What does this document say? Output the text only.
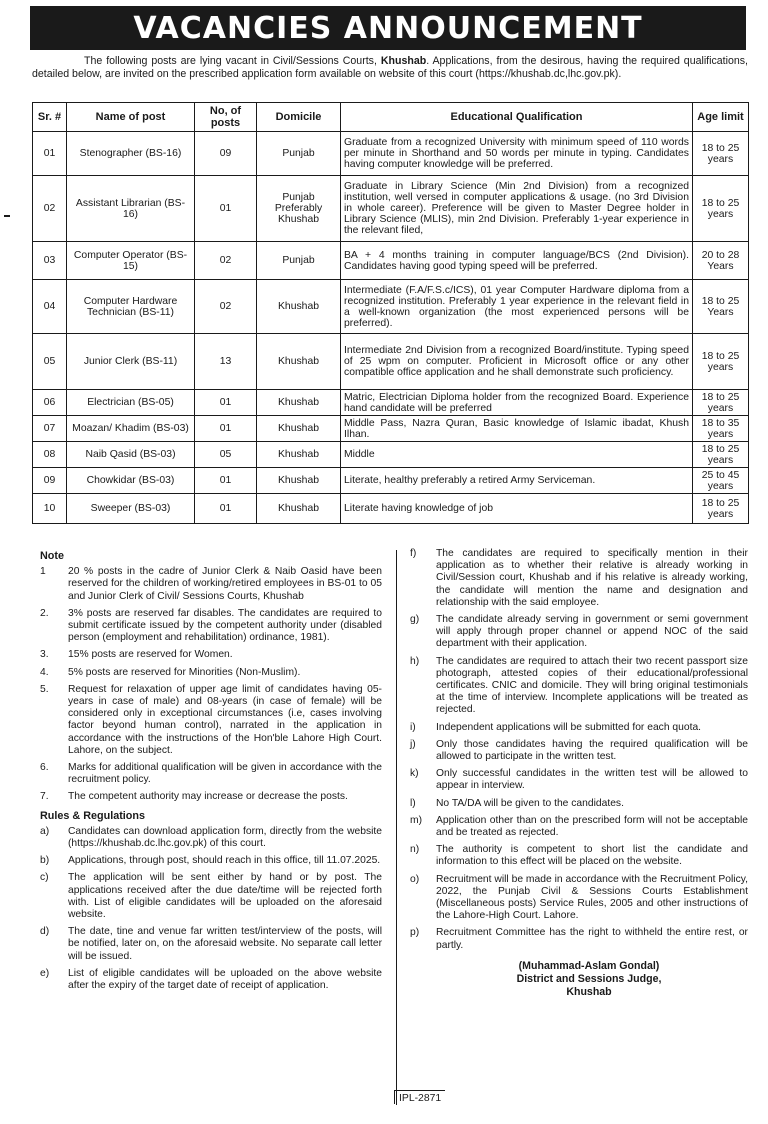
VACANCIES ANNOUNCEMENT

The following posts are lying vacant in Civil/Sessions Courts, Khushab. Applications, from the desirous, having the required qualifications, detailed below, are invited on the prescribed application form available on website of this court (https://khushab.dc,lhc.gov.pk).

Sr. #	Name of post	No, of posts	Domicile	Educational Qualification	Age limit
01	Stenographer (BS-16)	09	Punjab	Graduate from a recognized University with minimum speed of 110 words per minute in Shorthand and 50 words per minute in typing. Candidates having computer knowledge will be preferred.	18 to 25 years
02	Assistant Librarian (BS-16)	01	Punjab Preferably Khushab	Graduate in Library Science (Min 2nd Division) from a recognized institution, well versed in computer applications & usage. (no 3rd Division in whole career). Preference will be given to Master Degree holder in Library Science (MLIS), min 2nd Division. Preferably 1-year experience in the relevant filed,	18 to 25 years
03	Computer Operator (BS-15)	02	Punjab	BA + 4 months training in computer language/BCS (2nd Division). Candidates having good typing speed will be preferred.	20 to 28 Years
04	Computer Hardware Technician (BS-11)	02	Khushab	Intermediate (F.A/F.S.c/ICS), 01 year Computer Hardware diploma from a recognized institution. Preferably 1 year experience in the relevant field in a well-known organization (the most experienced persons will be preferred).	18 to 25 Years
05	Junior Clerk (BS-11)	13	Khushab	Intermediate 2nd Division from a recognized Board/institute. Typing speed of 25 wpm on computer. Proficient in Microsoft office or any other compatible office application and he shall demonstrate such proficiency.	18 to 25 years
06	Electrician (BS-05)	01	Khushab	Matric, Electrician Diploma holder from the recognized Board. Experience hand candidate will be preferred	18 to 25 years
07	Moazan/ Khadim (BS-03)	01	Khushab	Middle Pass, Nazra Quran, Basic knowledge of Islamic ibadat, Khush Ilhan.	18 to 35 years
08	Naib Qasid (BS-03)	05	Khushab	Middle	18 to 25 years
09	Chowkidar (BS-03)	01	Khushab	Literate, healthy preferably a retired Army Serviceman.	25 to 45 years
10	Sweeper (BS-03)	01	Khushab	Literate having knowledge of job	18 to 25 years
Note
1	20 % posts in the cadre of Junior Clerk & Naib Oasid have been reserved for the children of working/retired employees in BS-01 to 05 and Junior Clerk of Civil/ Sessions Courts, Khushab
2.	3% posts are reserved far disables. The candidates are required to submit certificate issued by the competent authority under (disabled person (employment and rehabilitation) ordinance, 1981).
3.	15% posts are reserved for Women.
4.	5% posts are reserved for Minorities (Non-Muslim).
5.	Request for relaxation of upper age limit of candidates having 05-years in case of male) and 08-years (in case of female) will be considered only in exceptional circumstances (i.e, cases involving factor beyond human control), narrated in the application in accordance with the instructions of the Hon'ble Lahore High Court. Lahore, on the subject.
6.	Marks for additional qualification will be given in accordance with the recruitment policy.
7.	The competent authority may increase or decrease the posts.
Rules & Regulations
a)	Candidates can download application form, directly from the website (https://khushab.dc.lhc.gov.pk) of this court.
b)	Applications, through post, should reach in this office, till 11.07.2025.
c)	The application will be sent either by hand or by post. The applications received after the due date/time will be rejected forth with. List of eligible candidates will be uploaded on the aforesaid website.
d)	The date, tine and venue far written test/interview of the posts, will be notified, later on, on the aforesaid website. No separate call letter will be issued.
e)	List of eligible candidates will be uploaded on the above website after the expiry of the target date of receipt of application.
f)	The candidates are required to specifically mention in their application as to whether their relative is already working in Civil/Session court, Khushab and if his relative is already working, the candidate will mention the name and designation and relationship with the said employee.
g)	The candidate already serving in government or semi government will apply through proper channel or append NOC of the said department with their application.
h)	The candidates are required to attach their two recent passport size photograph, attested copies of their educational/professional certificates. CNIC and domicile. They will bring original testimonials at the time of interview. Incomplete applications will be treated as rejected.
i)	Independent applications will be submitted for each quota.
j)	Only those candidates having the required qualification will be allowed to participate in the written test.
k)	Only successful candidates in the written test will be allowed to appear in interview.
l)	No TA/DA will be given to the candidates.
m)	Application other than on the prescribed form will not be acceptable and be treated as rejected.
n)	The authority is competent to short list the candidate and information to this effect will be placed on the website.
o)	Recruitment will be made in accordance with the Recruitment Policy, 2022, the Punjab Civil & Sessions Courts Establishment (Miscellaneous posts) Service Rules, 2005 and other instructions of the Lahore-High Court. Lahore.
p)	Recruitment Committee has the right to withheld the entire rest, or partly.
(Muhammad-Aslam Gondal)
District and Sessions Judge,
Khushab
IPL-2871
